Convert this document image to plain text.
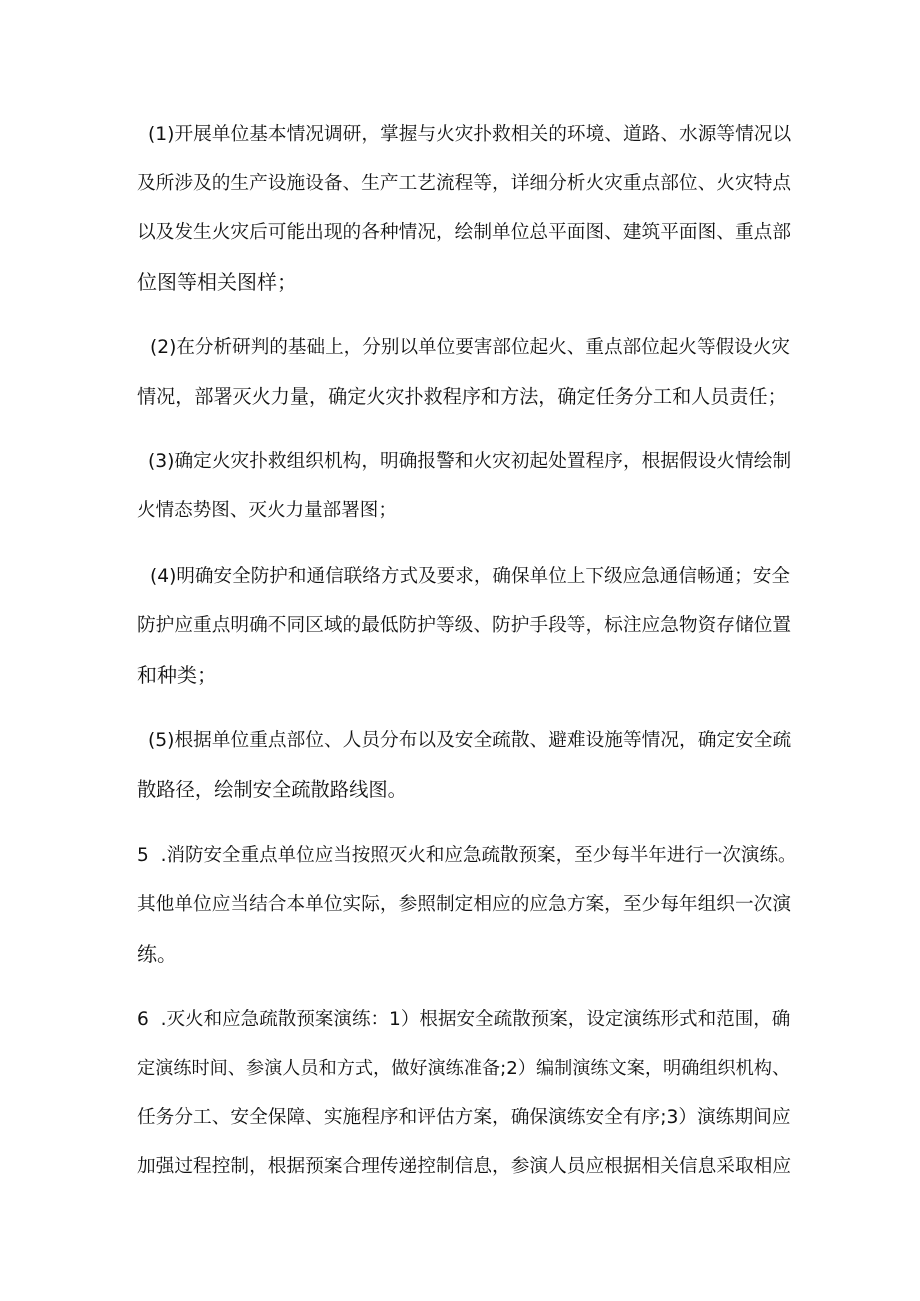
(1)开展单位基本情况调研，掌握与火灾扑救相关的环境、道路、水源等情况以
及所涉及的生产设施设备、生产工艺流程等，详细分析火灾重点部位、火灾特点
以及发生火灾后可能出现的各种情况，绘制单位总平面图、建筑平面图、重点部
位图等相关图样；
(2)在分析研判的基础上，分别以单位要害部位起火、重点部位起火等假设火灾
情况，部署灭火力量，确定火灾扑救程序和方法，确定任务分工和人员责任；
(3)确定火灾扑救组织机构，明确报警和火灾初起处置程序，根据假设火情绘制
火情态势图、灭火力量部署图；
(4)明确安全防护和通信联络方式及要求，确保单位上下级应急通信畅通；安全
防护应重点明确不同区域的最低防护等级、防护手段等，标注应急物资存储位置
和种类；
(5)根据单位重点部位、人员分布以及安全疏散、避难设施等情况，确定安全疏
散路径，绘制安全疏散路线图。
5  .消防安全重点单位应当按照灭火和应急疏散预案，至少每半年进行一次演练。
其他单位应当结合本单位实际，参照制定相应的应急方案，至少每年组织一次演
练。
6  .灭火和应急疏散预案演练：1）根据安全疏散预案，设定演练形式和范围，确
定演练时间、参演人员和方式，做好演练准备;2）编制演练文案，明确组织机构、
任务分工、安全保障、实施程序和评估方案，确保演练安全有序;3）演练期间应
加强过程控制，根据预案合理传递控制信息，参演人员应根据相关信息采取相应
